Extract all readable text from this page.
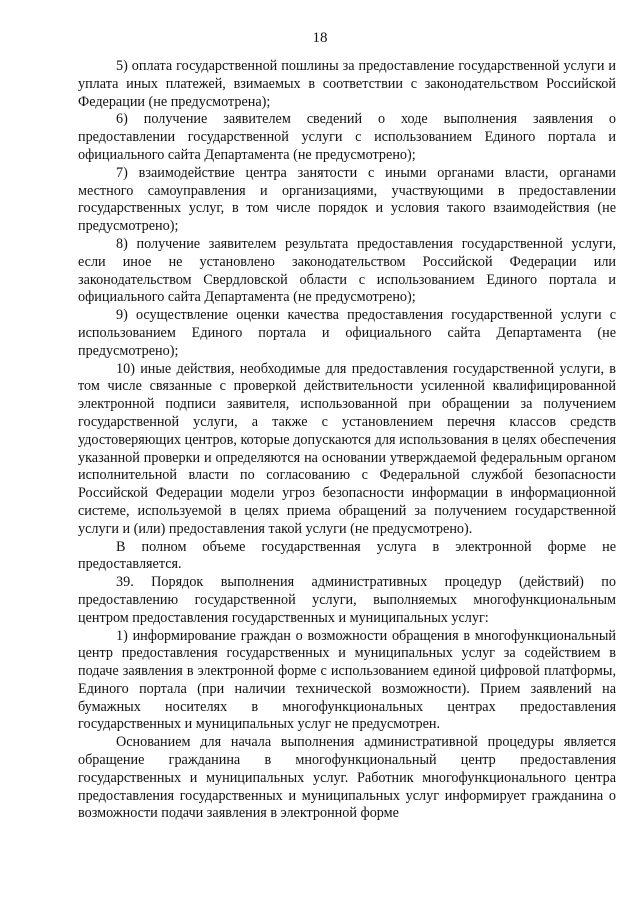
18

5) оплата государственной пошлины за предоставление государственной услуги и уплата иных платежей, взимаемых в соответствии с законодательством Российской Федерации (не предусмотрена);

6) получение заявителем сведений о ходе выполнения заявления о предоставлении государственной услуги с использованием Единого портала и официального сайта Департамента (не предусмотрено);

7) взаимодействие центра занятости с иными органами власти, органами местного самоуправления и организациями, участвующими в предоставлении государственных услуг, в том числе порядок и условия такого взаимодействия (не предусмотрено);

8) получение заявителем результата предоставления государственной услуги, если иное не установлено законодательством Российской Федерации или законодательством Свердловской области с использованием Единого портала и официального сайта Департамента (не предусмотрено);

9) осуществление оценки качества предоставления государственной услуги с использованием Единого портала и официального сайта Департамента (не предусмотрено);

10) иные действия, необходимые для предоставления государственной услуги, в том числе связанные с проверкой действительности усиленной квалифицированной электронной подписи заявителя, использованной при обращении за получением государственной услуги, а также с установлением перечня классов средств удостоверяющих центров, которые допускаются для использования в целях обеспечения указанной проверки и определяются на основании утверждаемой федеральным органом исполнительной власти по согласованию с Федеральной службой безопасности Российской Федерации модели угроз безопасности информации в информационной системе, используемой в целях приема обращений за получением государственной услуги и (или) предоставления такой услуги (не предусмотрено).

В полном объеме государственная услуга в электронной форме не предоставляется.

39. Порядок выполнения административных процедур (действий) по предоставлению государственной услуги, выполняемых многофункциональным центром предоставления государственных и муниципальных услуг:

1) информирование граждан о возможности обращения в многофункциональный центр предоставления государственных и муниципальных услуг за содействием в подаче заявления в электронной форме с использованием единой цифровой платформы, Единого портала (при наличии технической возможности). Прием заявлений на бумажных носителях в многофункциональных центрах предоставления государственных и муниципальных услуг не предусмотрен.

Основанием для начала выполнения административной процедуры является обращение гражданина в многофункциональный центр предоставления государственных и муниципальных услуг. Работник многофункционального центра предоставления государственных и муниципальных услуг информирует гражданина о возможности подачи заявления в электронной форме
